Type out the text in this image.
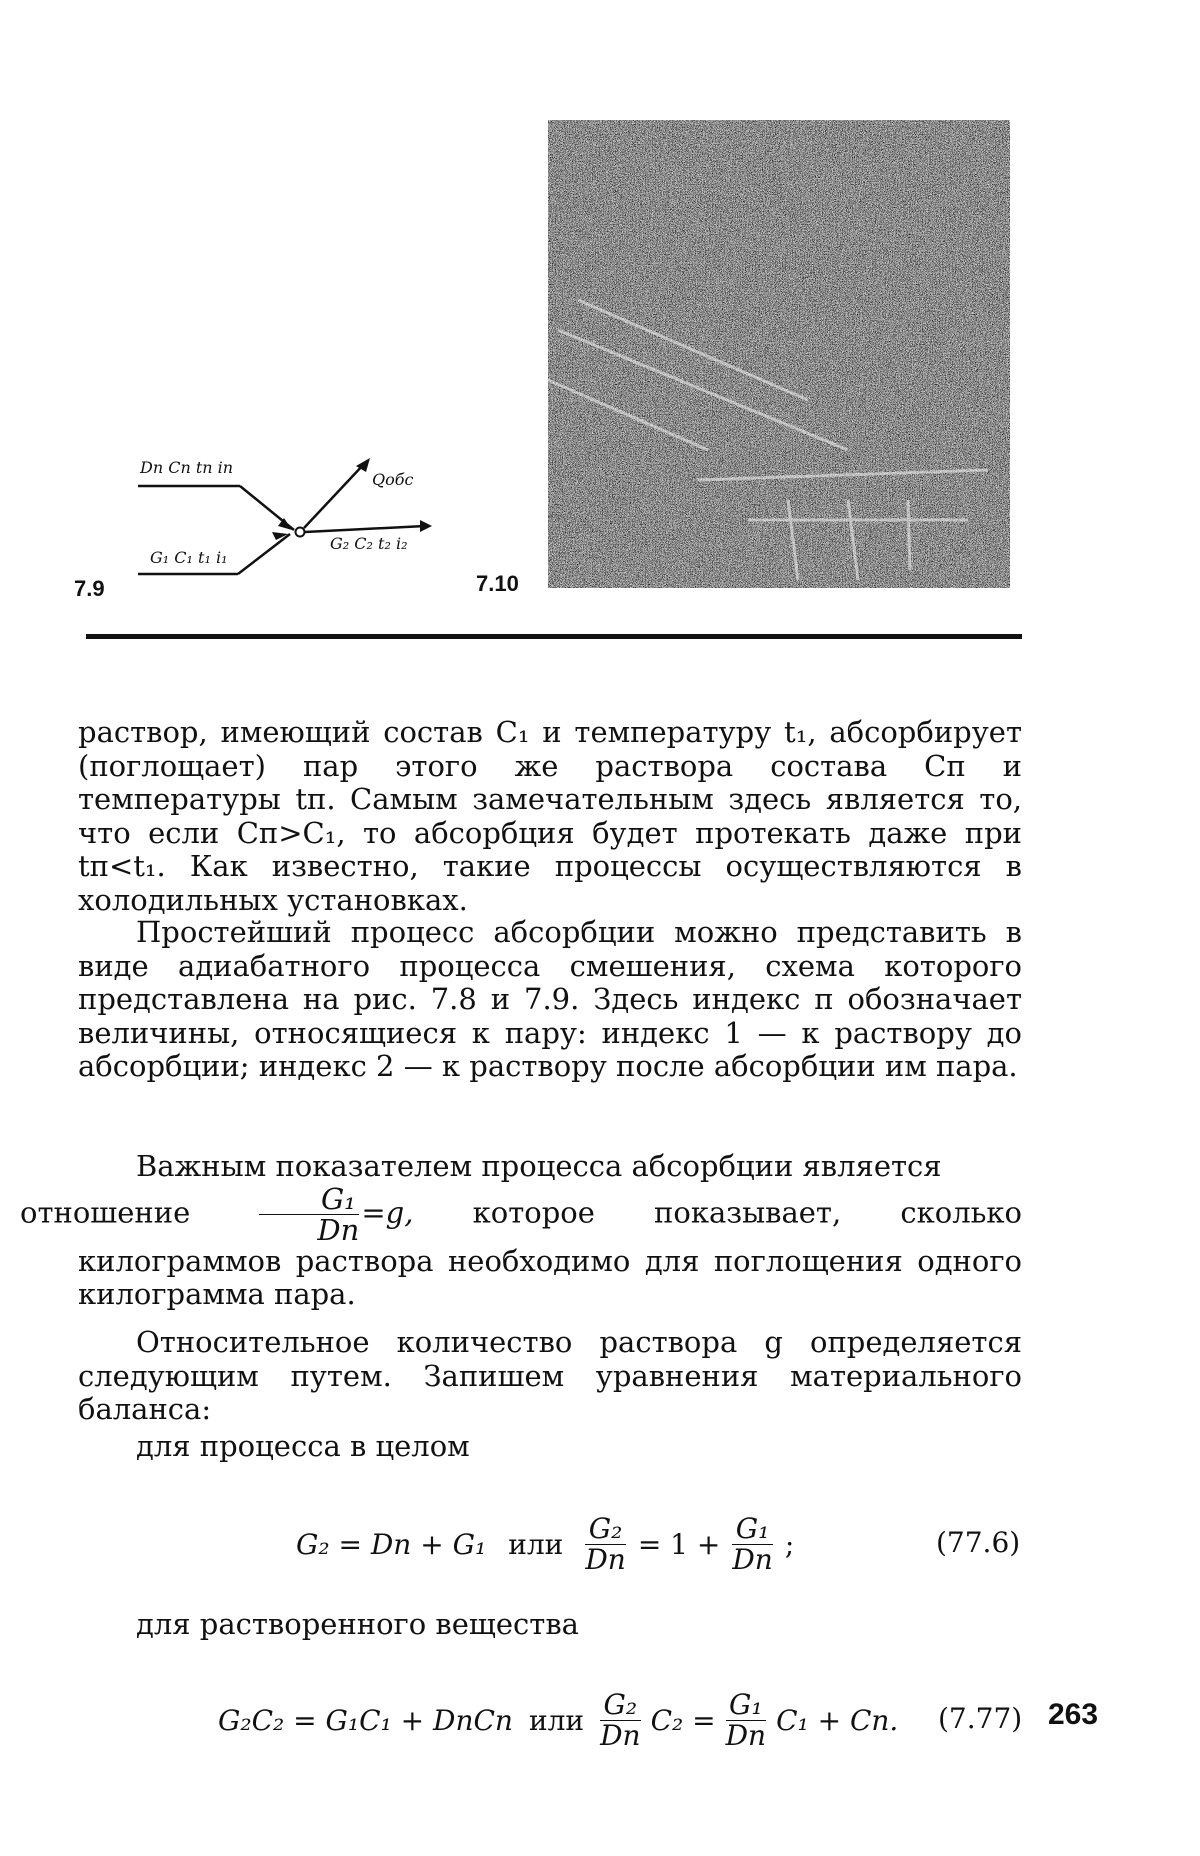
Dп Cп tп iп
G₁ C₁ t₁ i₁
Qобс
G₂ C₂ t₂ i₂
7.9	7.10

раствор, имеющий состав C₁ и температуру t₁, абсорбирует (поглощает) пар этого же раствора состава Cп и температуры tп. Самым замечательным здесь является то, что если Cп>C₁, то абсорбция будет протекать даже при tп<t₁. Как известно, такие процессы осуществляются в холодильных установках.

Простейший процесс абсорбции можно представить в виде адиабатного процесса смешения, схема которого представлена на рис. 7.8 и 7.9. Здесь индекс п обозначает величины, относящиеся к пару: индекс 1 — к раствору до абсорбции; индекс 2 — к раствору после абсорбции им пара.

Важным показателем процесса абсорбции является
отношение $\frac{\text{G₁}}{Dп} =g$, которое показывает, сколько килограммов раствора необходимо для поглощения одного килограмма пара.

Относительное количество раствора g определяется следующим путем. Запишем уравнения материального баланса:

для процесса в целом

G₂ = Dп + G₁ или $\frac{\text{G₂}}{Dп} = 1 + \frac{\text{G₁}}{Dп}$ ;	(77.6)

для растворенного вещества

G₂C₂ = G₁C₁ + DпCп или $\frac{\text{G₂}}{Dп} C_2 = \frac{\text{G₁}}{Dп} C_1$ + Cп. (7.77) 263
